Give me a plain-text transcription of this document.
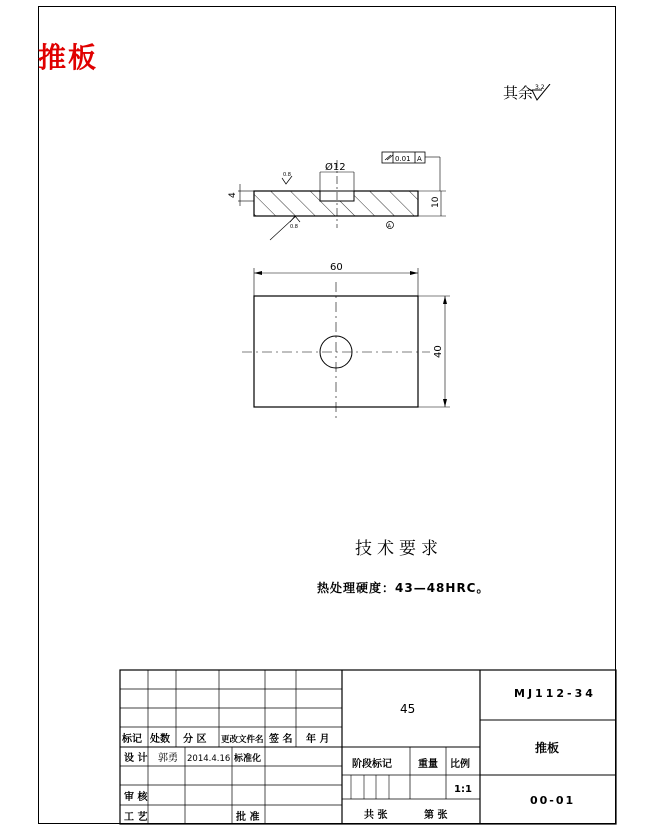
推板
其余 3.2
Ø12
4
10
0.01 A
0.8
0.8	A
60
40
技术要求
热处理硬度：43—48HRC。
标记 处数 分 区 更改文件名 签 名 年 月
设 计 郭勇 2014.4.16 标准化
审 核
工 艺	批 准
45
阶段标记	重量 比例
1:1
共 张	第 张
MJ112-34
推板
00-01
